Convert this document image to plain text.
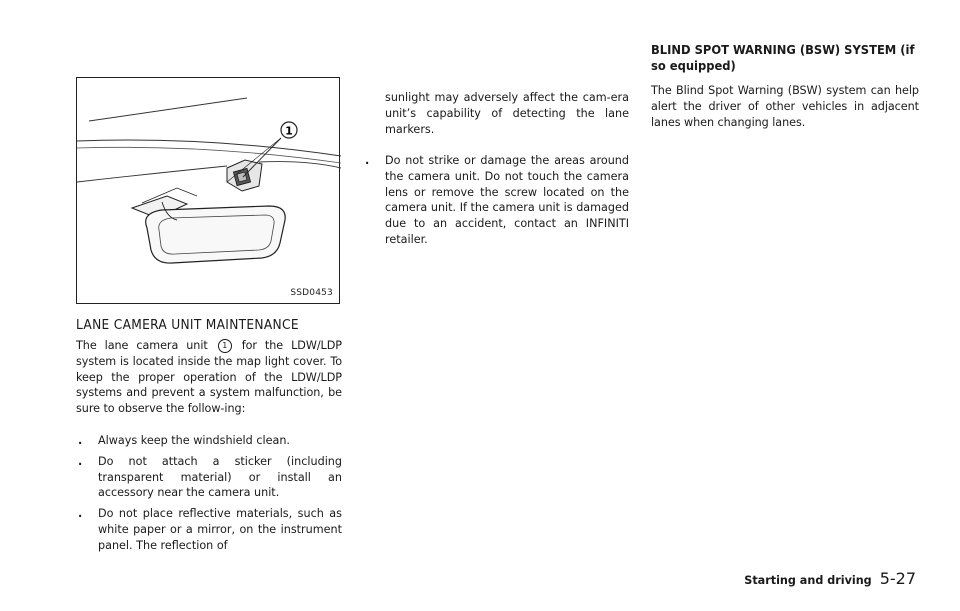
1
SSD0453
LANE CAMERA UNIT MAINTENANCE
The lane camera unit 1 for the LDW/LDP system is located inside the map light cover. To keep the proper operation of the LDW/LDP systems and prevent a system malfunction, be sure to observe the follow-ing:
. Always keep the windshield clean.
. Do not attach a sticker (including transparent material) or install an accessory near the camera unit.
. Do not place reflective materials, such as white paper or a mirror, on the instrument panel. The reflection of
sunlight may adversely affect the cam-era unit’s capability of detecting the lane markers.
. Do not strike or damage the areas around the camera unit. Do not touch the camera lens or remove the screw located on the camera unit. If the camera unit is damaged due to an accident, contact an INFINITI retailer.
BLIND SPOT WARNING (BSW) SYSTEM (if so equipped)
The Blind Spot Warning (BSW) system can help alert the driver of other vehicles in adjacent lanes when changing lanes.
Starting and driving 5-27
